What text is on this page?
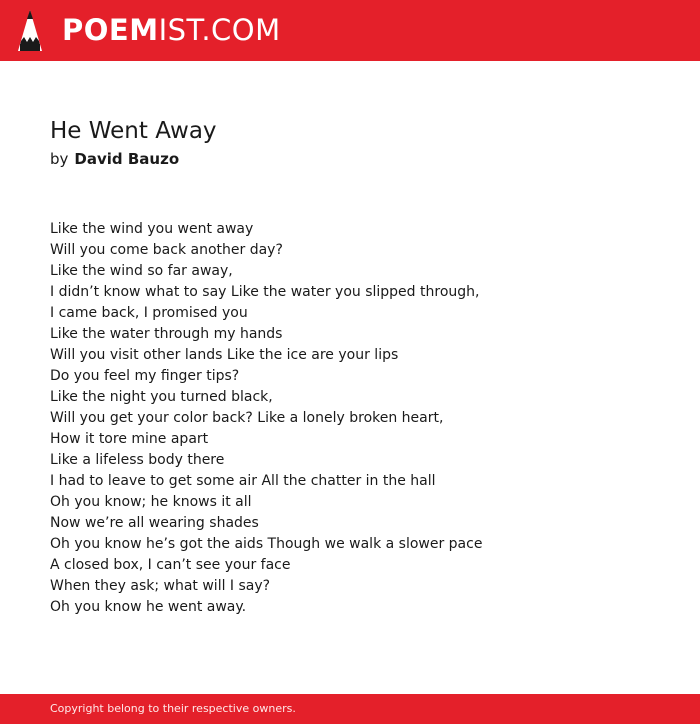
POEMIST.COM
He Went Away
by David Bauzo
Like the wind you went away
Will you come back another day?
Like the wind so far away,
I didn’t know what to say Like the water you slipped through,
I came back, I promised you
Like the water through my hands
Will you visit other lands Like the ice are your lips
Do you feel my finger tips?
Like the night you turned black,
Will you get your color back? Like a lonely broken heart,
How it tore mine apart
Like a lifeless body there
I had to leave to get some air All the chatter in the hall
Oh you know; he knows it all
Now we’re all wearing shades
Oh you know he’s got the aids Though we walk a slower pace
A closed box, I can’t see your face
When they ask; what will I say?
Oh you know he went away.
Copyright belong to their respective owners.
